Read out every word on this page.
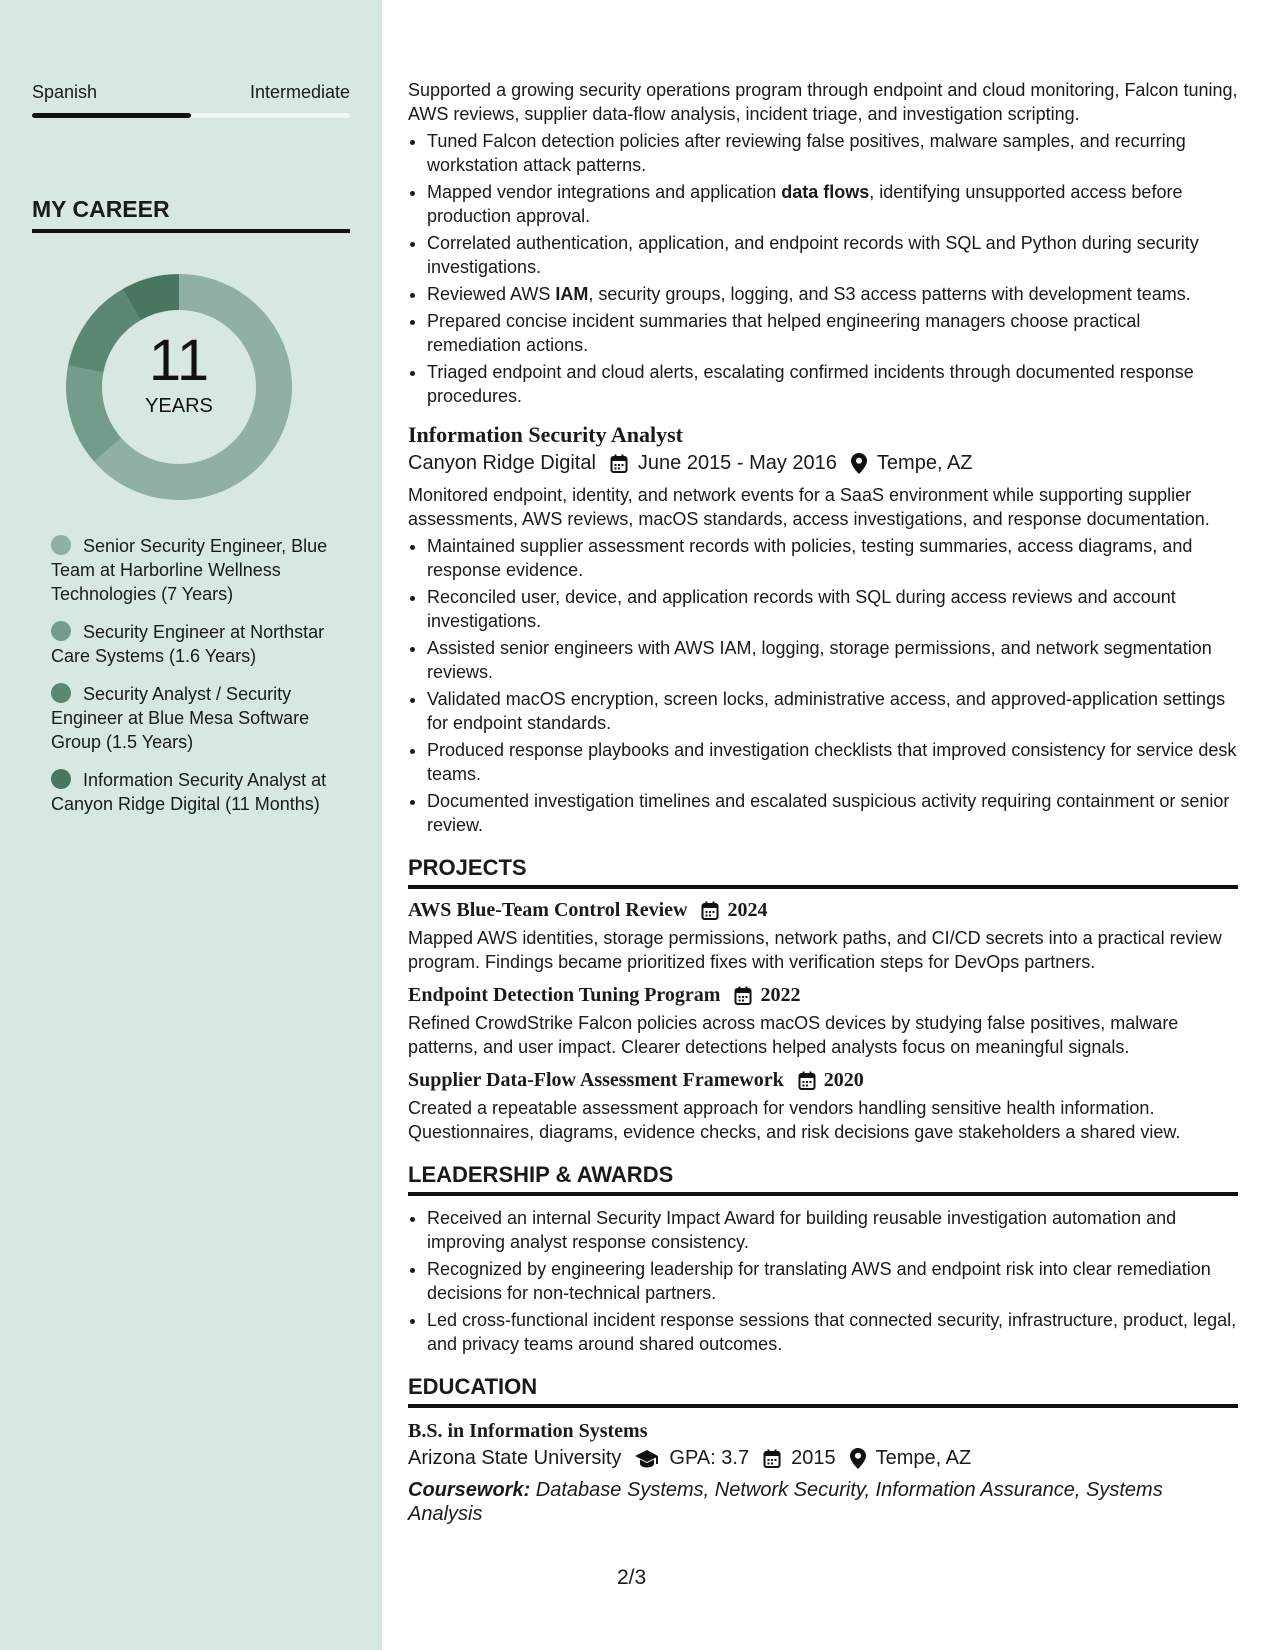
Spanish	Intermediate
MY CAREER
11
YEARS
Senior Security Engineer, Blue Team at Harborline Wellness Technologies (7 Years)
Security Engineer at Northstar Care Systems (1.6 Years)
Security Analyst / Security Engineer at Blue Mesa Software Group (1.5 Years)
Information Security Analyst at Canyon Ridge Digital (11 Months)

Supported a growing security operations program through endpoint and cloud monitoring, Falcon tuning, AWS reviews, supplier data-flow analysis, incident triage, and investigation scripting.

• Tuned Falcon detection policies after reviewing false positives, malware samples, and recurring workstation attack patterns.
• Mapped vendor integrations and application data flows, identifying unsupported access before production approval.
• Correlated authentication, application, and endpoint records with SQL and Python during security investigations.
• Reviewed AWS IAM, security groups, logging, and S3 access patterns with development teams.
• Prepared concise incident summaries that helped engineering managers choose practical remediation actions.
• Triaged endpoint and cloud alerts, escalating confirmed incidents through documented response procedures.
Information Security Analyst
Canyon Ridge Digital June 2015 - May 2016 Tempe, AZ

Monitored endpoint, identity, and network events for a SaaS environment while supporting supplier assessments, AWS reviews, macOS standards, access investigations, and response documentation.

• Maintained supplier assessment records with policies, testing summaries, access diagrams, and response evidence.
• Reconciled user, device, and application records with SQL during access reviews and account investigations.
• Assisted senior engineers with AWS IAM, logging, storage permissions, and network segmentation reviews.
• Validated macOS encryption, screen locks, administrative access, and approved-application settings for endpoint standards.
• Produced response playbooks and investigation checklists that improved consistency for service desk teams.
• Documented investigation timelines and escalated suspicious activity requiring containment or senior review.
PROJECTS
AWS Blue-Team Control Review 2024

Mapped AWS identities, storage permissions, network paths, and CI/CD secrets into a practical review program. Findings became prioritized fixes with verification steps for DevOps partners.

Endpoint Detection Tuning Program 2022

Refined CrowdStrike Falcon policies across macOS devices by studying false positives, malware patterns, and user impact. Clearer detections helped analysts focus on meaningful signals.

Supplier Data-Flow Assessment Framework 2020

Created a repeatable assessment approach for vendors handling sensitive health information. Questionnaires, diagrams, evidence checks, and risk decisions gave stakeholders a shared view.

LEADERSHIP & AWARDS
• Received an internal Security Impact Award for building reusable investigation automation and improving analyst response consistency.
• Recognized by engineering leadership for translating AWS and endpoint risk into clear remediation decisions for non-technical partners.
• Led cross-functional incident response sessions that connected security, infrastructure, product, legal, and privacy teams around shared outcomes.
EDUCATION
B.S. in Information Systems
Arizona State University GPA: 3.7 2015 Tempe, AZ
Coursework: Database Systems, Network Security, Information Assurance, Systems Analysis
2/3
